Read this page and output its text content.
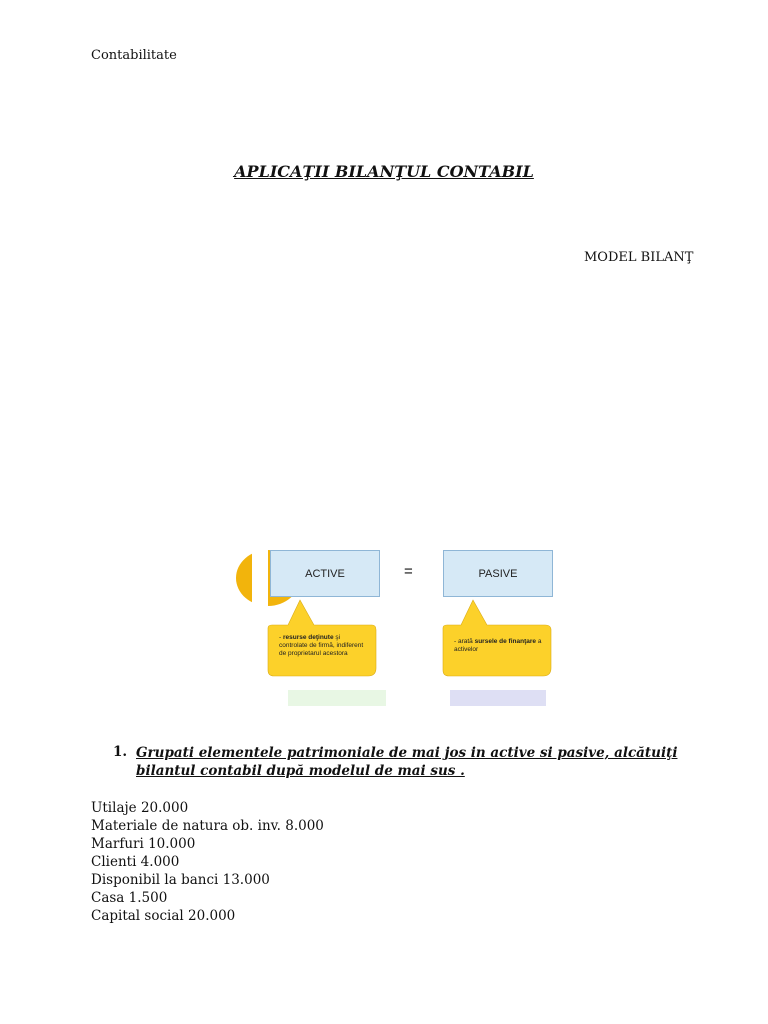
Contabilitate
APLICAŢII BILANŢUL CONTABIL
MODEL BILANŢ
ACTIVE	=	PASIVE
- resurse deţinute şi controlate de firmă, indiferent de proprietarul acestora
- arată sursele de finanţare a activelor
1. Grupati elementele patrimoniale de mai jos in active si pasive, alcătuiţi bilantul contabil după modelul de mai sus .
Utilaje 20.000
Materiale de natura ob. inv. 8.000
Marfuri 10.000
Clienti 4.000
Disponibil la banci 13.000
Casa 1.500
Capital social 20.000
